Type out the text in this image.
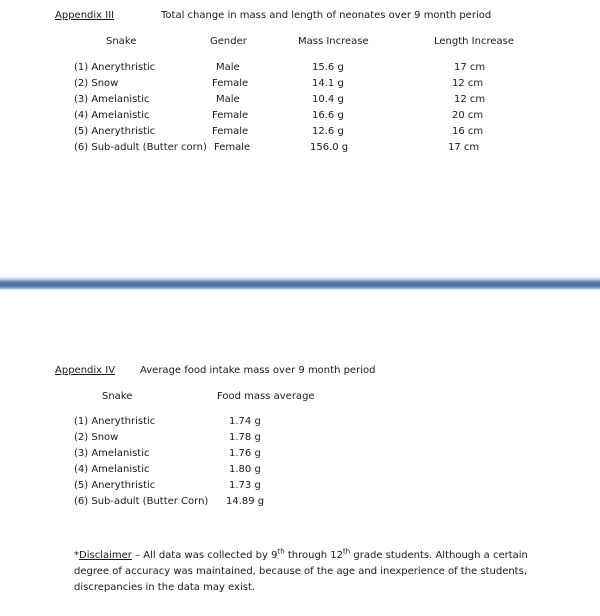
Appendix III	Total change in mass and length of neonates over 9 month period
Snake	Gender	Mass Increase	Length Increase
(1) Anerythristic	Male	15.6 g	17 cm
(2) Snow	Female	14.1 g	12 cm
(3) Amelanistic	Male	10.4 g	12 cm
(4) Amelanistic	Female	16.6 g	20 cm
(5) Anerythristic	Female	12.6 g	16 cm
(6) Sub-adult (Butter corn) Female	156.0 g	17 cm
Appendix IV Average food intake mass over 9 month period
Snake	Food mass average
(1) Anerythristic	1.74 g
(2) Snow	1.78 g
(3) Amelanistic	1.76 g
(4) Amelanistic	1.80 g
(5) Anerythristic	1.73 g
(6) Sub-adult (Butter Corn) 14.89 g
*Disclaimer – All data was collected by 9th through 12th grade students. Although a certain degree of accuracy was maintained, because of the age and inexperience of the students, discrepancies in the data may exist.
